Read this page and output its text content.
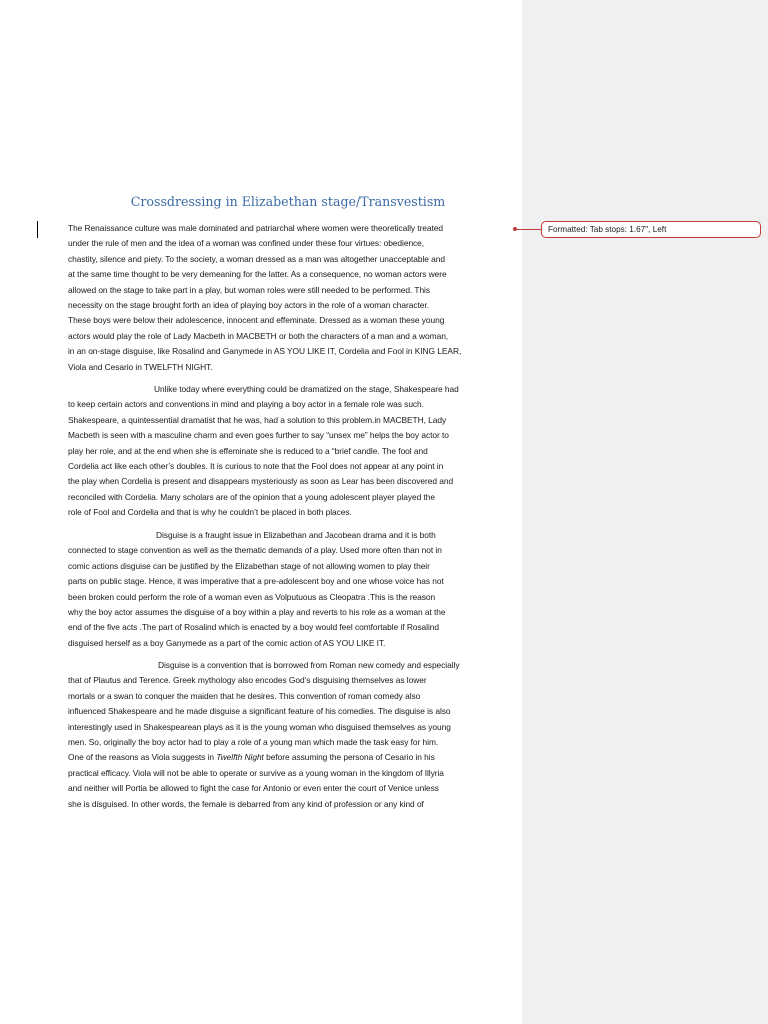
Crossdressing in Elizabethan stage/Transvestism
The Renaissance culture was male dominated and patriarchal where women were theoretically treated
under the rule of men and the idea of a woman was confined under these four virtues: obedience,
chastity, silence and piety. To the society, a woman dressed as a man was altogether unacceptable and
at the same time thought to be very demeaning for the latter. As a consequence, no woman actors were
allowed on the stage to take part in a play, but woman roles were still needed to be performed. This
necessity on the stage brought forth an idea of playing boy actors in the role of a woman character.
These boys were below their adolescence, innocent and effeminate. Dressed as a woman these young
actors would play the role of Lady Macbeth in MACBETH or both the characters of a man and a woman,
in an on-stage disguise, like Rosalind and Ganymede in AS YOU LIKE IT, Cordelia and Fool in KING LEAR,
Viola and Cesario in TWELFTH NIGHT.
Unlike today where everything could be dramatized on the stage, Shakespeare had
to keep certain actors and conventions in mind and playing a boy actor in a female role was such.
Shakespeare, a quintessential dramatist that he was, had a solution to this problem.in MACBETH, Lady
Macbeth is seen with a masculine charm and even goes further to say “unsex me” helps the boy actor to
play her role, and at the end when she is effeminate she is reduced to a “brief candle. The fool and
Cordelia act like each other’s doubles. It is curious to note that the Fool does not appear at any point in
the play when Cordelia is present and disappears mysteriously as soon as Lear has been discovered and
reconciled with Cordelia. Many scholars are of the opinion that a young adolescent player played the
role of Fool and Cordelia and that is why he couldn’t be placed in both places.
Disguise is a fraught issue in Elizabethan and Jacobean drama and it is both
connected to stage convention as well as the thematic demands of a play. Used more often than not in
comic actions disguise can be justified by the Elizabethan stage of not allowing women to play their
parts on public stage. Hence, it was imperative that a pre-adolescent boy and one whose voice has not
been broken could perform the role of a woman even as Volputuous as Cleopatra .This is the reason
why the boy actor assumes the disguise of a boy within a play and reverts to his role as a woman at the
end of the five acts .The part of Rosalind which is enacted by a boy would feel comfortable if Rosalind
disguised herself as a boy Ganymede as a part of the comic action of AS YOU LIKE IT.
Disguise is a convention that is borrowed from Roman new comedy and especially
that of Plautus and Terence. Greek mythology also encodes God’s disguising themselves as lower
mortals or a swan to conquer the maiden that he desires. This convention of roman comedy also
influenced Shakespeare and he made disguise a significant feature of his comedies. The disguise is also
interestingly used in Shakespearean plays as it is the young woman who disguised themselves as young
men. So, originally the boy actor had to play a role of a young man which made the task easy for him.
One of the reasons as Viola suggests in Twelfth Night before assuming the persona of Cesario in his
practical efficacy. Viola will not be able to operate or survive as a young woman in the kingdom of Illyria
and neither will Portia be allowed to fight the case for Antonio or even enter the court of Venice unless
she is disguised. In other words, the female is debarred from any kind of profession or any kind of
Formatted: Tab stops: 1.67", Left
